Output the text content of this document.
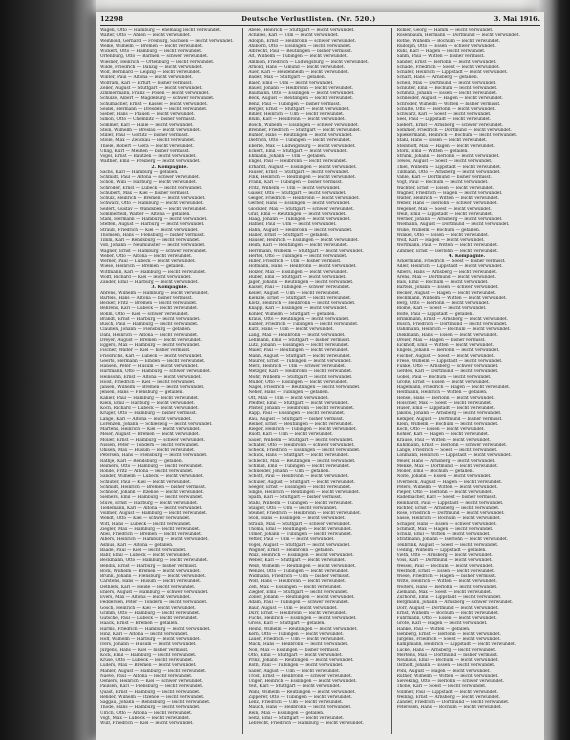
12298	Deutsche Verlustlisten. (Nr. 520.)	3. Mai 1916.
Wagen, Otto — Hamburg — ehemalig leicht verwundet.
Walter, Otto — Ahlen — leicht verwundet.
Weinhold, Gerhard — Freiburg, Sachsen — leicht verwundet.
Welke, Wilhelm — Bremen — leicht verwundet.
Wickert, Otto — Hamburg — leicht verwundet.
Ortenburg, Otto — Barmen — schwer verwundet.
Wiesner, Heinrich — Ortenburg — leicht verwundet.
Wilde, Friedrich — Danzig — leicht verwundet.
Wolf, Bernhard — Leipzig — leicht verwundet.
Winter, Paul — Altona — leicht verwundet.
Wolfram, Karl — Erfurt — bisher vermisst.
Zeller, August — Stuttgart — leicht verwundet.
Zimmermann, Franz — Posen — leicht verwundet.
Schulze, Albert — Magdeburg — schwer verwundet.
Schumacher, Ernst — Kassel — leicht verwundet.
Seidel, Hermann — Dresden — leicht verwundet.
Sieber, Hans — Plauen — leicht verwundet.
Simon, Otto — Chemnitz — bisher vermisst.
Sommer, Karl — Halle — leicht verwundet.
Stein, Wilhelm — Breslau — leicht verwundet.
Stiller, Paul — Görlitz — bisher vermisst.
Stolle, Max — Zwickau — leicht verwundet.
Thiele, Robert — Gera — leicht verwundet.
Uhlig, Kurt — Meißen — bisher vermisst.
Vogel, Ernst — Bautzen — leicht verwundet.
Walther, Emil — Freiberg — leicht verwundet.
2. Kompagnie.
Sachs, Karl — Hamburg — gefallen.
Schmidt, Paul — Altona — schwer verwundet.
Schön, Willi — Harburg — leicht verwundet.
Schröder, Ernst — Lübeck — leicht verwundet.
Schubert, Max — Kiel — bisher vermisst.
Schulz, Heinrich — Bremen — leicht verwundet.
Schwarz, Otto — Hamburg — leicht verwundet.
Seifert, Gustav — Wandsbek — leicht verwundet.
Sommerfeld, Walter — Altona — gefallen.
Stahl, Hermann — Hamburg — leicht verwundet.
Steffen, August — Harburg — leicht verwundet.
Strauß, Friedrich — Kiel — leicht verwundet.
Thomsen, Hans — Flensburg — bisher vermisst.
Timm, Karl — Rendsburg — leicht verwundet.
Voß, Johann — Neumünster — leicht verwundet.
Wagner, Ernst — Hamburg — schwer verwundet.
Weber, Otto — Altona — leicht verwundet.
Werner, Paul — Lübeck — leicht verwundet.
Wiese, Heinrich — Bremen — gefallen.
Wittmann, Karl — Hamburg — leicht verwundet.
Wolff, Richard — Kiel — leicht verwundet.
Zander, Emil — Harburg — leicht verwundet.
3. Kompagnie.
Ahrens, Wilhelm — Hamburg — leicht verwundet.
Bartels, Hans — Altona — bisher vermisst.
Becker, Fritz — Bremen — leicht verwundet.
Behrens, Karl — Lübeck — leicht verwundet.
Böhm, Otto — Kiel — schwer verwundet.
Brandt, Ernst — Harburg — leicht verwundet.
Busch, Paul — Hamburg — leicht verwundet.
Claußen, Johann — Flensburg — gefallen.
Dahl, Heinrich — Altona — leicht verwundet.
Dreyer, August — Bremen — leicht verwundet.
Eggers, Max — Hamburg — leicht verwundet.
Fischer, Walter — Kiel — bisher vermisst.
Friedrichs, Karl — Lübeck — leicht verwundet.
Geerts, Hermann — Emden — leicht verwundet.
Hansen, Peter — Husum — leicht verwundet.
Hartmann, Otto — Hamburg — schwer verwundet.
Heinsohn, Ernst — Altona — leicht verwundet.
Holst, Friedrich — Kiel — leicht verwundet.
Jansen, Wilhelm — Bremen — leicht verwundet.
Jensen, Hans — Flensburg — gefallen.
Kähler, Paul — Hamburg — leicht verwundet.
Klein, Emil — Harburg — leicht verwundet.
Koch, Richard — Lübeck — leicht verwundet.
Krüger, Otto — Hamburg — bisher vermisst.
Lange, Karl — Altona — leicht verwundet.
Lorenzen, Johann — Schleswig — leicht verwundet.
Martens, Heinrich — Kiel — leicht verwundet.
Meier, August — Bremen — leicht verwundet.
Möller, Ernst — Hamburg — schwer verwundet.
Nissen, Peter — Tondern — leicht verwundet.
Ohlsen, Max — Husum — leicht verwundet.
Petersen, Hans — Flensburg — leicht verwundet.
Rathje, Karl — Rendsburg — gefallen.
Reimers, Otto — Hamburg — leicht verwundet.
Rohde, Fritz — Altona — leicht verwundet.
Sander, Wilhelm — Lübeck — leicht verwundet.
Schlüter, Paul — Kiel — leicht verwundet.
Schmidt, Heinrich — Bremen — bisher vermisst.
Schnoor, Johann — Itzehoe — leicht verwundet.
Siemers, Emil — Hamburg — leicht verwundet.
Stüve, Ernst — Harburg — leicht verwundet.
Tiedemann, Karl — Altona — leicht verwundet.
Vollmer, August — Hamburg — leicht verwundet.
Wendt, Otto — Kiel — schwer verwundet.
Witt, Hans — Lübeck — leicht verwundet.
Ziegler, Max — Hamburg — leicht verwundet.
Abel, Friedrich — Bremen — leicht verwundet.
Albers, Heinrich — Hamburg — leicht verwundet.
Asmus, Karl — Altona — gefallen.
Baade, Paul — Kiel — leicht verwundet.
Bahr, Emil — Lübeck — leicht verwundet.
Beckmann, Otto — Hamburg — leicht verwundet.
Bendix, Ernst — Harburg — bisher vermisst.
Bock, Wilhelm — Bremen — leicht verwundet.
Bruhn, Johann — Flensburg — leicht verwundet.
Carstens, Hans — Husum — leicht verwundet.
Dethlefs, Karl — Heide — leicht verwundet.
Ehlers, August — Hamburg — schwer verwundet.
Evers, Max — Altona — leicht verwundet.
Feddersen, Peter — Tondern — leicht verwundet.
Gosch, Heinrich — Kiel — leicht verwundet.
Grimm, Otto — Hamburg — leicht verwundet.
Gutsche, Paul — Lübeck — leicht verwundet.
Haack, Ernst — Bremen — gefallen.
Harms, Friedrich — Hamburg — leicht verwundet.
Hinz, Karl — Altona — leicht verwundet.
Hoff, Wilhelm — Harburg — leicht verwundet.
Ivers, Johann — Husum — leicht verwundet.
Jürgens, Hans — Kiel — bisher vermisst.
Kock, Emil — Hamburg — leicht verwundet.
Kruse, Otto — Lübeck — leicht verwundet.
Lüders, Max — Bremen — leicht verwundet.
Mahler, August — Hamburg — leicht verwundet.
Naeve, Paul — Altona — leicht verwundet.
Oehlers, Heinrich — Kiel — schwer verwundet.
Paulsen, Karl — Flensburg — leicht verwundet.
Quast, Ernst — Hamburg — leicht verwundet.
Rehder, Wilhelm — Itzehoe — leicht verwundet.
Saggau, Johann — Rendsburg — leicht verwundet.
Thode, Hans — Hamburg — leicht verwundet.
Ulrich, Otto — Altona — leicht verwundet.
Vogt, Max — Lübeck — leicht verwundet.
Wulf, Friedrich — Kiel — leicht verwundet.
Abele, Heinrich — Stuttgart — leicht verwundet.
Achilles, Karl — Ulm — leicht verwundet.
Adolph, Ernst — Heilbronn — schwer verwundet.
Ahlborn, Otto — Esslingen — leicht verwundet.
Albrecht, Paul — Reutlingen — bisher vermisst.
Alt, Wilhelm — Tübingen — leicht verwundet.
Ammon, Friedrich — Ludwigsburg — leicht verwundet.
Arnold, Hans — Gmünd — leicht verwundet.
Auer, Karl — Heidenheim — leicht verwundet.
Bader, Max — Stuttgart — gefallen.
Baier, Emil — Ulm — leicht verwundet.
Bauer, Johann — Heilbronn — leicht verwundet.
Baumann, Otto — Esslingen — leicht verwundet.
Beck, August — Reutlingen — leicht verwundet.
Benz, Paul — Tübingen — bisher vermisst.
Berger, Ernst — Stuttgart — leicht verwundet.
Bihler, Heinrich — Ulm — leicht verwundet.
Blum, Karl — Heilbronn — leicht verwundet.
Bosch, Wilhelm — Esslingen — schwer verwundet.
Brenner, Friedrich — Stuttgart — leicht verwundet.
Bühler, Hans — Reutlingen — leicht verwundet.
Dietrich, Otto — Tübingen — leicht verwundet.
Eberle, Max — Ludwigsburg — leicht verwundet.
Eckert, Emil — Stuttgart — leicht verwundet.
Ehmann, Johann — Ulm — gefallen.
Engel, Paul — Heilbronn — leicht verwundet.
Erhardt, August — Esslingen — leicht verwundet.
Fauser, Ernst — Stuttgart — leicht verwundet.
Fink, Heinrich — Reutlingen — leicht verwundet.
Frank, Karl — Tübingen — bisher vermisst.
Fritz, Wilhelm — Ulm — leicht verwundet.
Gaiser, Otto — Stuttgart — leicht verwundet.
Geiger, Friedrich — Heilbronn — leicht verwundet.
Gerber, Hans — Esslingen — leicht verwundet.
Glöckler, Max — Stuttgart — schwer verwundet.
Graf, Emil — Reutlingen — leicht verwundet.
Haag, Johann — Tübingen — leicht verwundet.
Häfner, Paul — Ulm — leicht verwundet.
Hahn, August — Heilbronn — leicht verwundet.
Haller, Ernst — Stuttgart — gefallen.
Hauser, Heinrich — Esslingen — leicht verwundet.
Heim, Karl — Reutlingen — leicht verwundet.
Herrmann, Wilhelm — Stuttgart — leicht verwundet.
Hertel, Otto — Tübingen — leicht verwundet.
Hiller, Friedrich — Ulm — bisher vermisst.
Hofmann, Hans — Heilbronn — leicht verwundet.
Holzer, Max — Esslingen — leicht verwundet.
Huber, Emil — Stuttgart — leicht verwundet.
Jäger, Johann — Reutlingen — leicht verwundet.
Kaiser, Paul — Tübingen — schwer verwundet.
Keller, August — Ulm — leicht verwundet.
Kienzle, Ernst — Stuttgart — leicht verwundet.
Klotz, Heinrich — Heilbronn — leicht verwundet.
Knapp, Karl — Esslingen — leicht verwundet.
Kohler, Wilhelm — Stuttgart — gefallen.
Kraus, Otto — Reutlingen — leicht verwundet.
Kübler, Friedrich — Tübingen — leicht verwundet.
Kurz, Hans — Ulm — leicht verwundet.
Lang, Max — Heilbronn — leicht verwundet.
Lehmann, Emil — Stuttgart — bisher vermisst.
Lutz, Johann — Esslingen — leicht verwundet.
Maier, Paul — Reutlingen — leicht verwundet.
Mann, August — Stuttgart — leicht verwundet.
Maurer, Ernst — Tübingen — leicht verwundet.
Merz, Heinrich — Ulm — schwer verwundet.
Metzger, Karl — Heilbronn — leicht verwundet.
Mohr, Wilhelm — Stuttgart — leicht verwundet.
Müller, Otto — Esslingen — leicht verwundet.
Nagel, Friedrich — Reutlingen — leicht verwundet.
Neher, Hans — Tübingen — gefallen.
Ott, Max — Ulm — leicht verwundet.
Pfeiffer, Emil — Stuttgart — leicht verwundet.
Pfister, Johann — Heilbronn — leicht verwundet.
Rapp, Paul — Esslingen — leicht verwundet.
Rau, August — Stuttgart — bisher vermisst.
Reiner, Ernst — Reutlingen — leicht verwundet.
Rieger, Heinrich — Tübingen — leicht verwundet.
Ruoff, Karl — Ulm — leicht verwundet.
Sauer, Wilhelm — Stuttgart — leicht verwundet.
Schäfer, Otto — Heilbronn — schwer verwundet.
Scheck, Friedrich — Esslingen — leicht verwundet.
Schick, Hans — Stuttgart — leicht verwundet.
Schlecht, Max — Reutlingen — leicht verwundet.
Schmid, Emil — Tübingen — leicht verwundet.
Schneider, Johann — Ulm — gefallen.
Schott, Paul — Heilbronn — leicht verwundet.
Schuler, August — Stuttgart — leicht verwundet.
Seeger, Ernst — Esslingen — leicht verwundet.
Single, Heinrich — Reutlingen — leicht verwundet.
Späth, Karl — Stuttgart — bisher vermisst.
Stahl, Wilhelm — Tübingen — leicht verwundet.
Staiger, Otto — Ulm — leicht verwundet.
Steiner, Friedrich — Heilbronn — leicht verwundet.
Stoll, Hans — Esslingen — leicht verwundet.
Straub, Max — Stuttgart — schwer verwundet.
Thoma, Emil — Reutlingen — leicht verwundet.
Ulmer, Johann — Tübingen — leicht verwundet.
Vetter, Paul — Ulm — leicht verwundet.
Vogel, August — Stuttgart — leicht verwundet.
Wagner, Ernst — Heilbronn — gefallen.
Walz, Heinrich — Esslingen — leicht verwundet.
Weber, Karl — Stuttgart — leicht verwundet.
Weiß, Wilhelm — Reutlingen — leicht verwundet.
Wenzel, Otto — Tübingen — leicht verwundet.
Widmann, Friedrich — Ulm — bisher vermisst.
Wolf, Hans — Heilbronn — leicht verwundet.
Zeh, Max — Esslingen — leicht verwundet.
Ziegler, Emil — Stuttgart — leicht verwundet.
Zoller, Johann — Reutlingen — leicht verwundet.
Adam, Paul — Tübingen — schwer verwundet.
Baur, August — Ulm — leicht verwundet.
Dürr, Ernst — Heilbronn — leicht verwundet.
Fuchs, Heinrich — Esslingen — leicht verwundet.
Gross, Karl — Stuttgart — gefallen.
Heinz, Wilhelm — Reutlingen — leicht verwundet.
Kern, Otto — Tübingen — leicht verwundet.
Lauer, Friedrich — Ulm — leicht verwundet.
Mack, Hans — Heilbronn — leicht verwundet.
Noll, Max — Esslingen — bisher vermisst.
Otto, Emil — Stuttgart — leicht verwundet.
Prinz, Johann — Reutlingen — leicht verwundet.
Roth, Paul — Tübingen — leicht verwundet.
Sailer, August — Ulm — leicht verwundet.
Trost, Ernst — Heilbronn — schwer verwundet.
Unger, Heinrich — Esslingen — leicht verwundet.
Veit, Karl — Stuttgart — leicht verwundet.
Wahl, Wilhelm — Reutlingen — leicht verwundet.
Zipperer, Otto — Tübingen — leicht verwundet.
Lenz, Friedrich — Ulm — leicht verwundet.
Mauch, Hans — Heilbronn — leicht verwundet.
Rein, Max — Esslingen — gefallen.
Seitz, Emil — Stuttgart — leicht verwundet.
Lebrecht, Friedrich — Hamburg — leicht verwundet.
Römer, Georg — Hamm — leicht verwundet.
Rosenbaum, Hermann — Dortmund — leicht verwundet.
Rothe, Wilhelm — Bochum — leicht verwundet.
Rudolph, Otto — Essen — schwer verwundet.
Rühl, Karl — Hagen — leicht verwundet.
Sahm, Paul — Witten — bisher vermisst.
Sander, Ernst — Iserlohn — leicht verwundet.
Schade, Friedrich — Soest — leicht verwundet.
Schäfer, Heinrich — Lippstadt — leicht verwundet.
Scharf, Hans — Arnsberg — gefallen.
Schell, Max — Dortmund — leicht verwundet.
Schlüter, Emil — Bochum — leicht verwundet.
Schmitz, Johann — Essen — leicht verwundet.
Schneider, August — Hagen — leicht verwundet.
Schröder, Wilhelm — Witten — bisher vermisst.
Schulte, Otto — Iserlohn — leicht verwundet.
Schwarz, Karl — Soest — leicht verwundet.
Seel, Paul — Lippstadt — leicht verwundet.
Siebert, Ernst — Arnsberg — schwer verwundet.
Sommer, Friedrich — Dortmund — leicht verwundet.
Spiekermann, Heinrich — Bochum — leicht verwundet.
Stahl, Hans — Essen — leicht verwundet.
Steinhoff, Max — Hagen — leicht verwundet.
Stork, Emil — Witten — gefallen.
Strunk, Johann — Iserlohn — leicht verwundet.
Tewes, August — Soest — leicht verwundet.
Thiel, Wilhelm — Lippstadt — leicht verwundet.
Tillmann, Otto — Arnsberg — leicht verwundet.
Vahle, Karl — Dortmund — bisher vermisst.
Vogt, Paul — Bochum — leicht verwundet.
Wächter, Ernst — Essen — leicht verwundet.
Wagner, Friedrich — Hagen — leicht verwundet.
Walter, Heinrich — Witten — leicht verwundet.
Weber, Hans — Iserlohn — schwer verwundet.
Wegener, Max — Soest — leicht verwundet.
Weiß, Emil — Lippstadt — leicht verwundet.
Werner, Johann — Arnsberg — leicht verwundet.
Wiemann, August — Dortmund — leicht verwundet.
Wilke, Wilhelm — Bochum — gefallen.
Winkel, Otto — Essen — leicht verwundet.
Wolf, Karl — Hagen — leicht verwundet.
Wortmann, Paul — Witten — leicht verwundet.
Zimmer, Ernst — Iserlohn — leicht verwundet.
4. Kompagnie.
Ackermann, Friedrich — Soest — bisher vermisst.
Adler, Heinrich — Lippstadt — leicht verwundet.
Albers, Hans — Arnsberg — leicht verwundet.
Arens, Max — Dortmund — leicht verwundet.
Bals, Emil — Bochum — leicht verwundet.
Bartels, Johann — Essen — schwer verwundet.
Becker, August — Hagen — leicht verwundet.
Beckmann, Wilhelm — Witten — leicht verwundet.
Berg, Otto — Iserlohn — leicht verwundet.
Blome, Karl — Soest — leicht verwundet.
Bolte, Paul — Lippstadt — gefallen.
Brinkmann, Ernst — Arnsberg — leicht verwundet.
Busch, Friedrich — Dortmund — leicht verwundet.
Dahlmann, Heinrich — Bochum — leicht verwundet.
Diekmann, Hans — Essen — leicht verwundet.
Dreier, Max — Hagen — bisher vermisst.
Eickhoff, Emil — Witten — leicht verwundet.
Engels, Johann — Iserlohn — leicht verwundet.
Fischer, August — Soest — leicht verwundet.
Frese, Wilhelm — Lippstadt — leicht verwundet.
Funke, Otto — Arnsberg — schwer verwundet.
Gerdes, Karl — Dortmund — leicht verwundet.
Göbel, Paul — Bochum — leicht verwundet.
Große, Ernst — Essen — leicht verwundet.
Hagemann, Friedrich — Hagen — leicht verwundet.
Heitmann, Heinrich — Witten — gefallen.
Hense, Hans — Iserlohn — leicht verwundet.
Hölscher, Max — Soest — leicht verwundet.
Hüser, Emil — Lippstadt — leicht verwundet.
Jakobs, Johann — Arnsberg — leicht verwundet.
Kemper, August — Dortmund — bisher vermisst.
Klein, Wilhelm — Bochum — leicht verwundet.
Koch, Otto — Essen — leicht verwundet.
Köhler, Karl — Hagen — leicht verwundet.
Krause, Paul — Witten — leicht verwundet.
Kuhlmann, Ernst — Iserlohn — schwer verwundet.
Lange, Friedrich — Soest — leicht verwundet.
Lohmann, Heinrich — Lippstadt — leicht verwundet.
Meier, Hans — Arnsberg — leicht verwundet.
Menke, Max — Dortmund — leicht verwundet.
Möller, Emil — Bochum — gefallen.
Nolte, Johann — Essen — leicht verwundet.
Overbeck, August — Hagen — leicht verwundet.
Peters, Wilhelm — Witten — leicht verwundet.
Pieper, Otto — Iserlohn — leicht verwundet.
Rademacher, Karl — Soest — bisher vermisst.
Reinhardt, Paul — Lippstadt — leicht verwundet.
Richter, Ernst — Arnsberg — leicht verwundet.
Rose, Friedrich — Dortmund — leicht verwundet.
Sasse, Heinrich — Bochum — leicht verwundet.
Schäper, Hans — Essen — schwer verwundet.
Schmidt, Max — Hagen — leicht verwundet.
Schulz, Emil — Witten — leicht verwundet.
Stratmann, Johann — Iserlohn — leicht verwundet.
Tenbrink, August — Soest — leicht verwundet.
Ueding, Wilhelm — Lippstadt — gefallen.
Vieth, Otto — Arnsberg — leicht verwundet.
Voss, Karl — Dortmund — leicht verwundet.
Wessel, Paul — Bochum — leicht verwundet.
Westhoff, Ernst — Essen — leicht verwundet.
Wiese, Friedrich — Hagen — bisher vermisst.
Witte, Heinrich — Witten — leicht verwundet.
Wolters, Hans — Iserlohn — leicht verwundet.
Ziemann, Max — Soest — leicht verwundet.
Zurhorst, Emil — Lippstadt — leicht verwundet.
Bergmann, Johann — Arnsberg — schwer verwundet.
Dörr, August — Dortmund — leicht verwundet.
Ernst, Wilhelm — Bochum — leicht verwundet.
Fuhrmann, Otto — Essen — leicht verwundet.
Grote, Karl — Hagen — leicht verwundet.
Hanke, Paul — Witten — gefallen.
Isenberg, Ernst — Iserlohn — leicht verwundet.
Jürgens, Friedrich — Soest — leicht verwundet.
Kampmann, Heinrich — Lippstadt — leicht verwundet.
Lücke, Hans — Arnsberg — leicht verwundet.
Mertens, Max — Dortmund — bisher vermisst.
Neuhaus, Emil — Bochum — leicht verwundet.
Osthoff, Johann — Essen — leicht verwundet.
Pohl, August — Hagen — leicht verwundet.
Rüther, Wilhelm — Witten — leicht verwundet.
Sieveking, Otto — Iserlohn — schwer verwundet.
Thöne, Karl — Soest — leicht verwundet.
Vollmer, Paul — Lippstadt — leicht verwundet.
Welling, Ernst — Arnsberg — leicht verwundet.
Zander, Friedrich — Dortmund — leicht verwundet.
Peterssen, Hans — Bochum — leicht verwundet.
